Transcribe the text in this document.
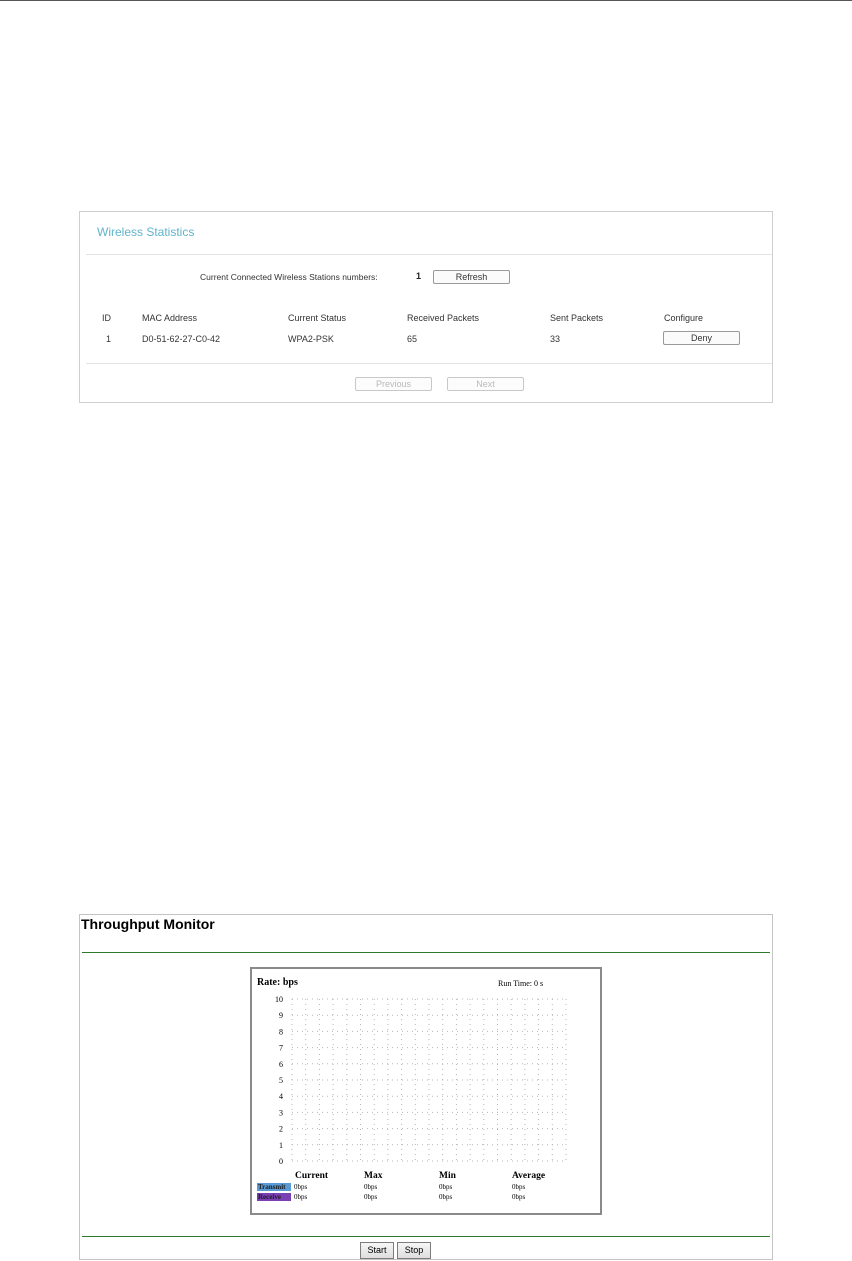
Wireless Statistics
Current Connected Wireless Stations numbers:	1	Refresh
ID	MAC Address	Current Status	Received Packets	Sent Packets	Configure
1	D0-51-62-27-C0-42	WPA2-PSK	65	33	Deny
Previous	Next
Throughput Monitor
Rate: bps	Run Time: 0 s
10
9
8
7
6
5
4
3
2
1
0
Current	Max	Min	Average
Transmit	0bps	0bps	0bps	0bps
Receive	0bps	0bps	0bps	0bps
Start	Stop
